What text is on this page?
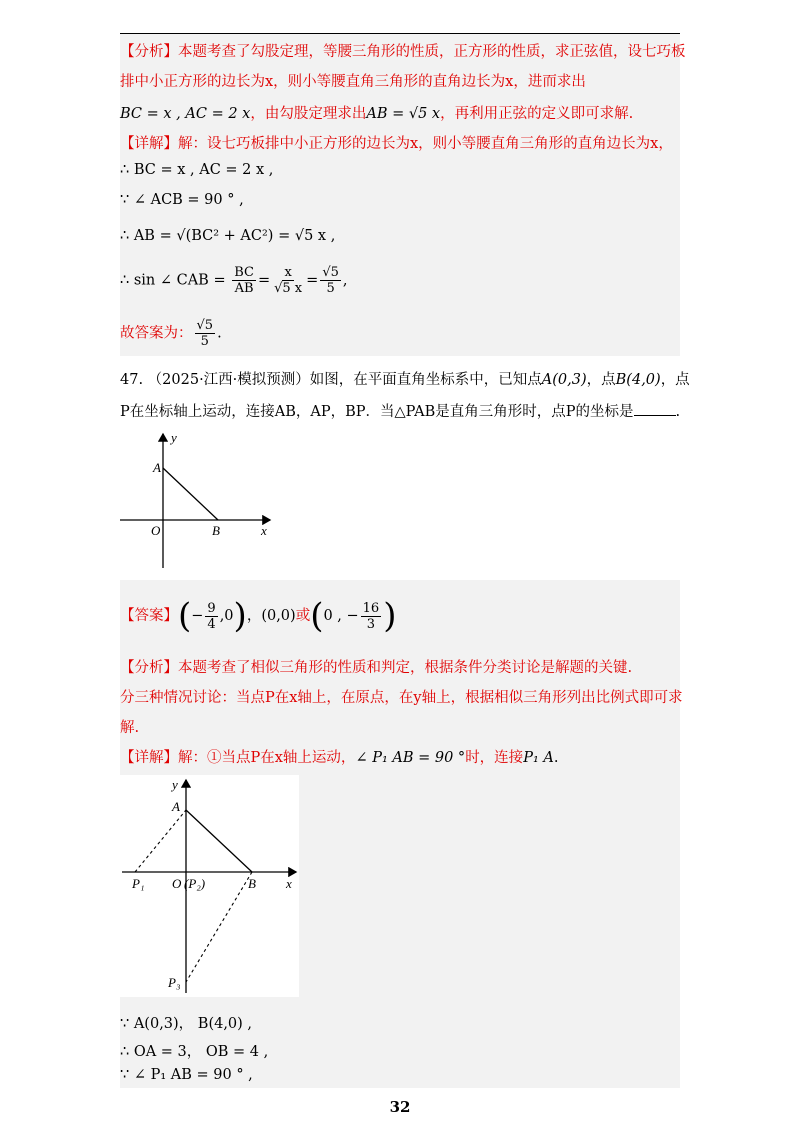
【分析】本题考查了勾股定理，等腰三角形的性质，正方形的性质，求正弦值，设七巧板
排中小正方形的边长为x，则小等腰直角三角形的直角边长为x，进而求出
BC = x , AC = 2 x，由勾股定理求出AB = √5 x，再利用正弦的定义即可求解.
【详解】解：设七巧板排中小正方形的边长为x，则小等腰直角三角形的直角边长为x，
∴ BC = x , AC = 2 x ,
∵ ∠ ACB = 90 ° ,
∴ AB = √(BC² + AC²) = √5 x ,
∴ sin ∠ CAB = $\frac{BC}{AB} = \frac{x}{√5 x} = \frac{√5}{5}$ ,
故答案为： $\frac{√5}{5}$ .
47. （2025·江西·模拟预测）如图，在平面直角坐标系中，已知点A(0,3)，点B(4,0)，点
P在坐标轴上运动，连接AB，AP，BP．当△PAB是直角三角形时，点P的坐标是	.
y
A
O	B	x
【答案】(− $\frac{9}{4} ,0$)，(0,0)或(0 , − $\frac{16}{3}$ )
【分析】本题考查了相似三角形的性质和判定，根据条件分类讨论是解题的关键.
分三种情况讨论：当点P在x轴上，在原点，在y轴上，根据相似三角形列出比例式即可求
解.
【详解】解：①当点P在x轴上运动，∠ P₁ AB = 90 °时，连接P₁ A.
y
A
P₁ O (P₂)	B x
P₃
∵ A(0,3)， B(4,0) ,
∴ OA = 3， OB = 4 ,
∵ ∠ P₁ AB = 90 ° ,
32
